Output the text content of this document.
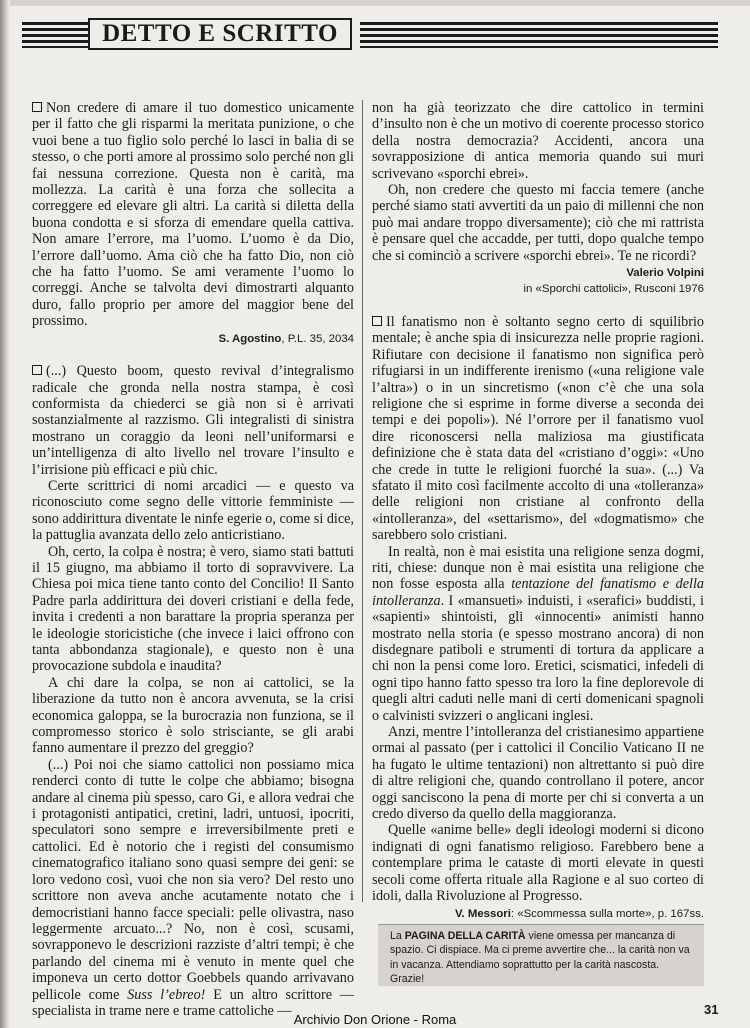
DETTO E SCRITTO

Non credere di amare il tuo domestico unicamente per il fatto che gli risparmi la meritata punizione, o che vuoi bene a tuo figlio solo perché lo lasci in balia di se stesso, o che porti amore al prossimo solo perché non gli fai nessuna correzione. Questa non è carità, ma mollezza. La carità è una forza che sollecita a correggere ed elevare gli altri. La carità si diletta della buona condotta e si sforza di emendare quella cattiva. Non amare l’errore, ma l’uomo. L’uomo è da Dio, l’errore dall’uomo. Ama ciò che ha fatto Dio, non ciò che ha fatto l’uomo. Se ami veramente l’uomo lo correggi. Anche se talvolta devi dimostrarti alquanto duro, fallo proprio per amore del maggior bene del prossimo.

S. Agostino, P.L. 35, 2034

(...) Questo boom, questo revival d’integralismo radicale che gronda nella nostra stampa, è così conformista da chiederci se già non si è arrivati sostanzialmente al razzismo. Gli integralisti di sinistra mostrano un coraggio da leoni nell’uniformarsi e un’intelligenza di alto livello nel trovare l’insulto e l’irrisione più efficaci e più chic.

Certe scrittrici di nomi arcadici — e questo va riconosciuto come segno delle vittorie femministe — sono addirittura diventate le ninfe egerie o, come si dice, la pattuglia avanzata dello zelo anticristiano.

Oh, certo, la colpa è nostra; è vero, siamo stati battuti il 15 giugno, ma abbiamo il torto di sopravvivere. La Chiesa poi mica tiene tanto conto del Concilio! Il Santo Padre parla addirittura dei doveri cristiani e della fede, invita i credenti a non barattare la propria speranza per le ideologie storicistiche (che invece i laici offrono con tanta abbondanza stagionale), e questo non è una provocazione subdola e inaudita?

A chi dare la colpa, se non ai cattolici, se la liberazione da tutto non è ancora avvenuta, se la crisi economica galoppa, se la burocrazia non funziona, se il compromesso storico è solo strisciante, se gli arabi fanno aumentare il prezzo del greggio?

(...) Poi noi che siamo cattolici non possiamo mica renderci conto di tutte le colpe che abbiamo; bisogna andare al cinema più spesso, caro Gi, e allora vedrai che i protagonisti antipatici, cretini, ladri, untuosi, ipocriti, speculatori sono sempre e irreversibilmente preti e cattolici. Ed è notorio che i registi del consumismo cinematografico italiano sono quasi sempre dei geni: se loro vedono così, vuoi che non sia vero? Del resto uno scrittore non aveva anche acutamente notato che i democristiani hanno facce speciali: pelle olivastra, naso leggermente arcuato...? No, non è così, scusami, sovrapponevo le descrizioni razziste d’altri tempi; è che parlando del cinema mi è venuto in mente quel che imponeva un certo dottor Goebbels quando arrivavano pellicole come Suss l’ebreo! E un altro scrittore — specialista in trame nere e trame cattoliche —

non ha già teorizzato che dire cattolico in termini d’insulto non è che un motivo di coerente processo storico della nostra democrazia? Accidenti, ancora una sovrapposizione di antica memoria quando sui muri scrivevano «sporchi ebrei».

Oh, non credere che questo mi faccia temere (anche perché siamo stati avvertiti da un paio di millenni che non può mai andare troppo diversamente); ciò che mi rattrista è pensare quel che accadde, per tutti, dopo qualche tempo che si cominciò a scrivere «sporchi ebrei». Te ne ricordi?

Valerio Volpini
in «Sporchi cattolici», Rusconi 1976

Il fanatismo non è soltanto segno certo di squilibrio mentale; è anche spia di insicurezza nelle proprie ragioni. Rifiutare con decisione il fanatismo non significa però rifugiarsi in un indifferente irenismo («una religione vale l’altra») o in un sincretismo («non c’è che una sola religione che si esprime in forme diverse a seconda dei tempi e dei popoli»). Né l’orrore per il fanatismo vuol dire riconoscersi nella maliziosa ma giustificata definizione che è stata data del «cristiano d’oggi»: «Uno che crede in tutte le religioni fuorché la sua». (...) Va sfatato il mito così facilmente accolto di una «tolleranza» delle religioni non cristiane al confronto della «intolleranza», del «settarismo», del «dogmatismo» che sarebbero solo cristiani.

In realtà, non è mai esistita una religione senza dogmi, riti, chiese: dunque non è mai esistita una religione che non fosse esposta alla tentazione del fanatismo e della intolleranza. I «mansueti» induisti, i «serafici» buddisti, i «sapienti» shintoisti, gli «innocenti» animisti hanno mostrato nella storia (e spesso mostrano ancora) di non disdegnare patiboli e strumenti di tortura da applicare a chi non la pensi come loro. Eretici, scismatici, infedeli di ogni tipo hanno fatto spesso tra loro la fine deplorevole di quegli altri caduti nelle mani di certi domenicani spagnoli o calvinisti svizzeri o anglicani inglesi.

Anzi, mentre l’intolleranza del cristianesimo appartiene ormai al passato (per i cattolici il Concilio Vaticano II ne ha fugato le ultime tentazioni) non altrettanto si può dire di altre religioni che, quando controllano il potere, ancor oggi sanciscono la pena di morte per chi si converta a un credo diverso da quello della maggioranza.

Quelle «anime belle» degli ideologi moderni si dicono indignati di ogni fanatismo religioso. Farebbero bene a contemplare prima le cataste di morti elevate in questi secoli come offerta rituale alla Ragione e al suo corteo di idoli, dalla Rivoluzione al Progresso.

V. Messori: «Scommessa sulla morte», p. 167ss.
La PAGINA DELLA CARITÀ viene omessa per mancanza di spazio. Ci dispiace. Ma ci preme avvertire che... la carità non va in vacanza. Attendiamo soprattutto per la carità nascosta. Grazie!
31
Archivio Don Orione - Roma
